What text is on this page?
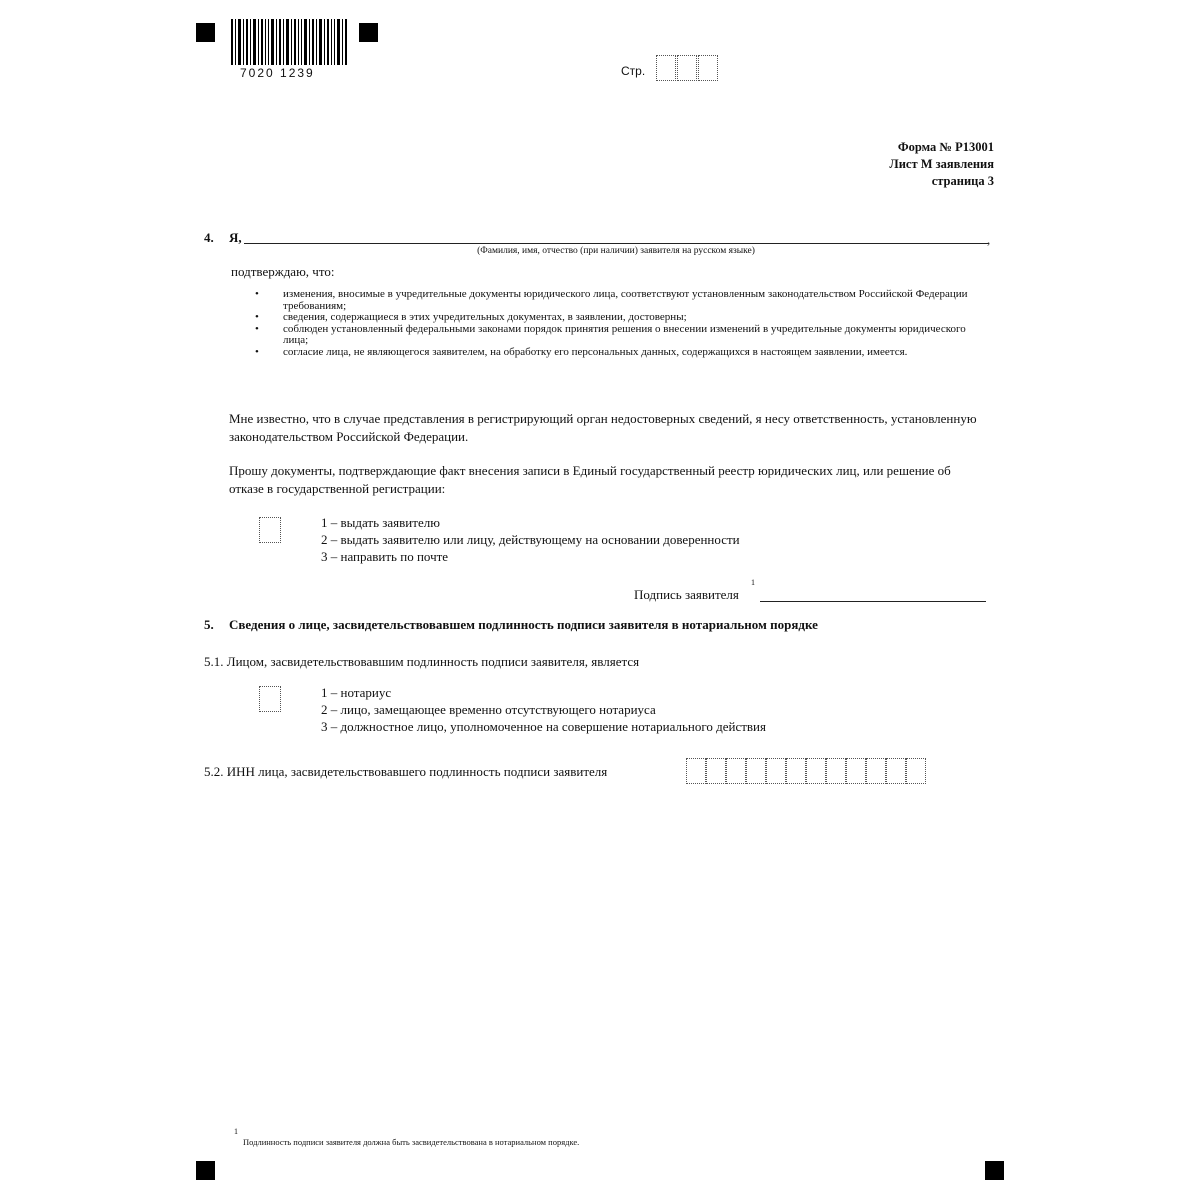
7020 1239	Стр.
Форма № Р13001
Лист М заявления
страница 3
4. Я,	,
(Фамилия, имя, отчество (при наличии) заявителя на русском языке)
подтверждаю, что:
• изменения, вносимые в учредительные документы юридического лица, соответствуют установленным законодательством Российской Федерации требованиям;
• сведения, содержащиеся в этих учредительных документах, в заявлении, достоверны;
• соблюден установленный федеральными законами порядок принятия решения о внесении изменений в учредительные документы юридического лица;
• согласие лица, не являющегося заявителем, на обработку его персональных данных, содержащихся в настоящем заявлении, имеется.
Мне известно, что в случае представления в регистрирующий орган недостоверных сведений, я несу ответственность, установленную законодательством Российской Федерации.
Прошу документы, подтверждающие факт внесения записи в Единый государственный реестр юридических лиц, или решение об отказе в государственной регистрации:
1 – выдать заявителю
2 – выдать заявителю или лицу, действующему на основании доверенности
3 – направить по почте
Подпись заявителя
1
5. Сведения о лице, засвидетельствовавшем подлинность подписи заявителя в нотариальном порядке
5.1. Лицом, засвидетельствовавшим подлинность подписи заявителя, является
1 – нотариус
2 – лицо, замещающее временно отсутствующего нотариуса
3 – должностное лицо, уполномоченное на совершение нотариального действия
5.2. ИНН лица, засвидетельствовавшего подлинность подписи заявителя
1
Подлинность подписи заявителя должна быть засвидетельствована в нотариальном порядке.
